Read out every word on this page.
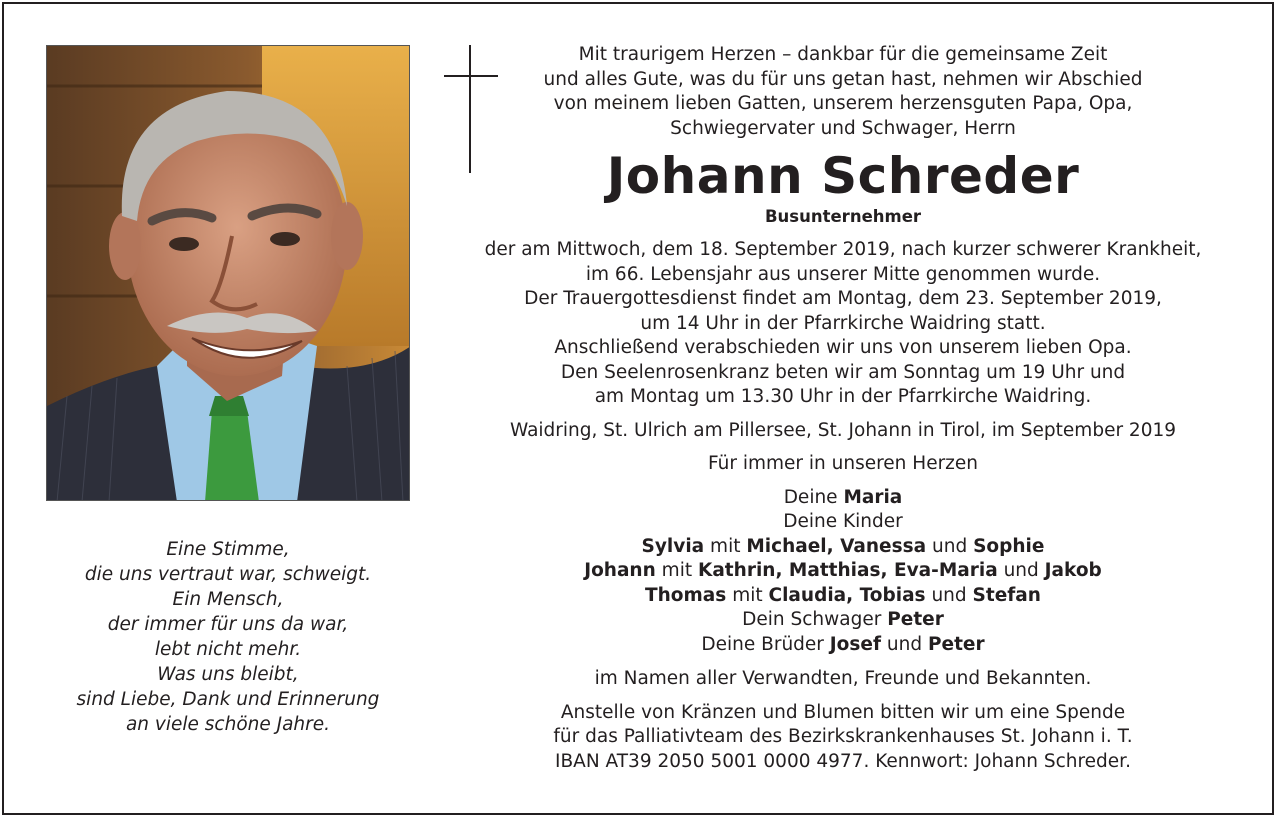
Eine Stimme,
die uns vertraut war, schweigt.
Ein Mensch,
der immer für uns da war,
lebt nicht mehr.
Was uns bleibt,
sind Liebe, Dank und Erinnerung
an viele schöne Jahre.
Mit traurigem Herzen – dankbar für die gemeinsame Zeit
und alles Gute, was du für uns getan hast, nehmen wir Abschied
von meinem lieben Gatten, unserem herzensguten Papa, Opa,
Schwiegervater und Schwager, Herrn
Johann Schreder
Busunternehmer
der am Mittwoch, dem 18. September 2019, nach kurzer schwerer Krankheit,
im 66. Lebensjahr aus unserer Mitte genommen wurde.
Der Trauergottesdienst findet am Montag, dem 23. September 2019,
um 14 Uhr in der Pfarrkirche Waidring statt.
Anschließend verabschieden wir uns von unserem lieben Opa.
Den Seelenrosenkranz beten wir am Sonntag um 19 Uhr und
am Montag um 13.30 Uhr in der Pfarrkirche Waidring.
Waidring, St. Ulrich am Pillersee, St. Johann in Tirol, im September 2019
Für immer in unseren Herzen
Deine Maria
Deine Kinder
Sylvia mit Michael, Vanessa und Sophie
Johann mit Kathrin, Matthias, Eva-Maria und Jakob
Thomas mit Claudia, Tobias und Stefan
Dein Schwager Peter
Deine Brüder Josef und Peter
im Namen aller Verwandten, Freunde und Bekannten.
Anstelle von Kränzen und Blumen bitten wir um eine Spende
für das Palliativteam des Bezirkskrankenhauses St. Johann i. T.
IBAN AT39 2050 5001 0000 4977. Kennwort: Johann Schreder.
